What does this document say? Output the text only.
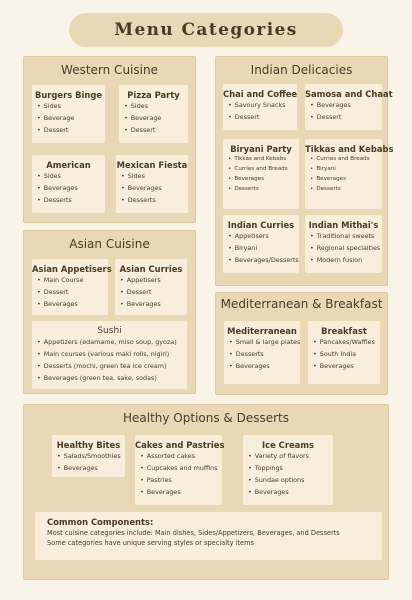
Menu Categories
Western Cuisine
Burgers Binge
• Sides
• Beverage
• Dessert
Pizza Party
• Sides
• Beverage
• Dessert
American
• Sides
• Beverages
• Desserts
Mexican Fiesta
• Sides
• Beverages
• Desserts
Indian Delicacies
Chai and Coffee
• Savoury Snacks
• Dessert
Samosa and Chaat
• Beverages
• Dessert
Biryani Party
• Tikkas and Kebabs
• Curries and Breads
• Beverages
• Desserts
Tikkas and Kebabs
• Curries and Breads
• Biryani
• Beverages
• Desserts
Indian Curries
• Appetisers
• Biryani
• Beverages/Desserts
Indian Mithai's
• Traditional sweets
• Regional specialties
• Modern fusion
Asian Cuisine
Asian Appetisers
• Main Course
• Dessert
• Beverages
Asian Curries
• Appetisers
• Dessert
• Beverages
Sushi
• Appetizers (edamame, miso soup, gyoza)
• Main courses (various maki rolls, nigiri)
• Desserts (mochi, green tea ice cream)
• Beverages (green tea, sake, sodas)
Mediterranean & Breakfast
Mediterranean
• Small & large plates
• Desserts
• Beverages
Breakfast
• Pancakes/Waffles
• South India
• Beverages
Healthy Options & Desserts
Healthy Bites
• Salads/Smoothies
• Beverages
Cakes and Pastries
• Assorted cakes
• Cupcakes and muffins
• Pastries
• Beverages
Ice Creams
• Variety of flavors
• Toppings
• Sundae options
• Beverages
Common Components:
Most cuisine categories include: Main dishes, Sides/Appetizers, Beverages, and Desserts
Some categories have unique serving styles or specialty items
